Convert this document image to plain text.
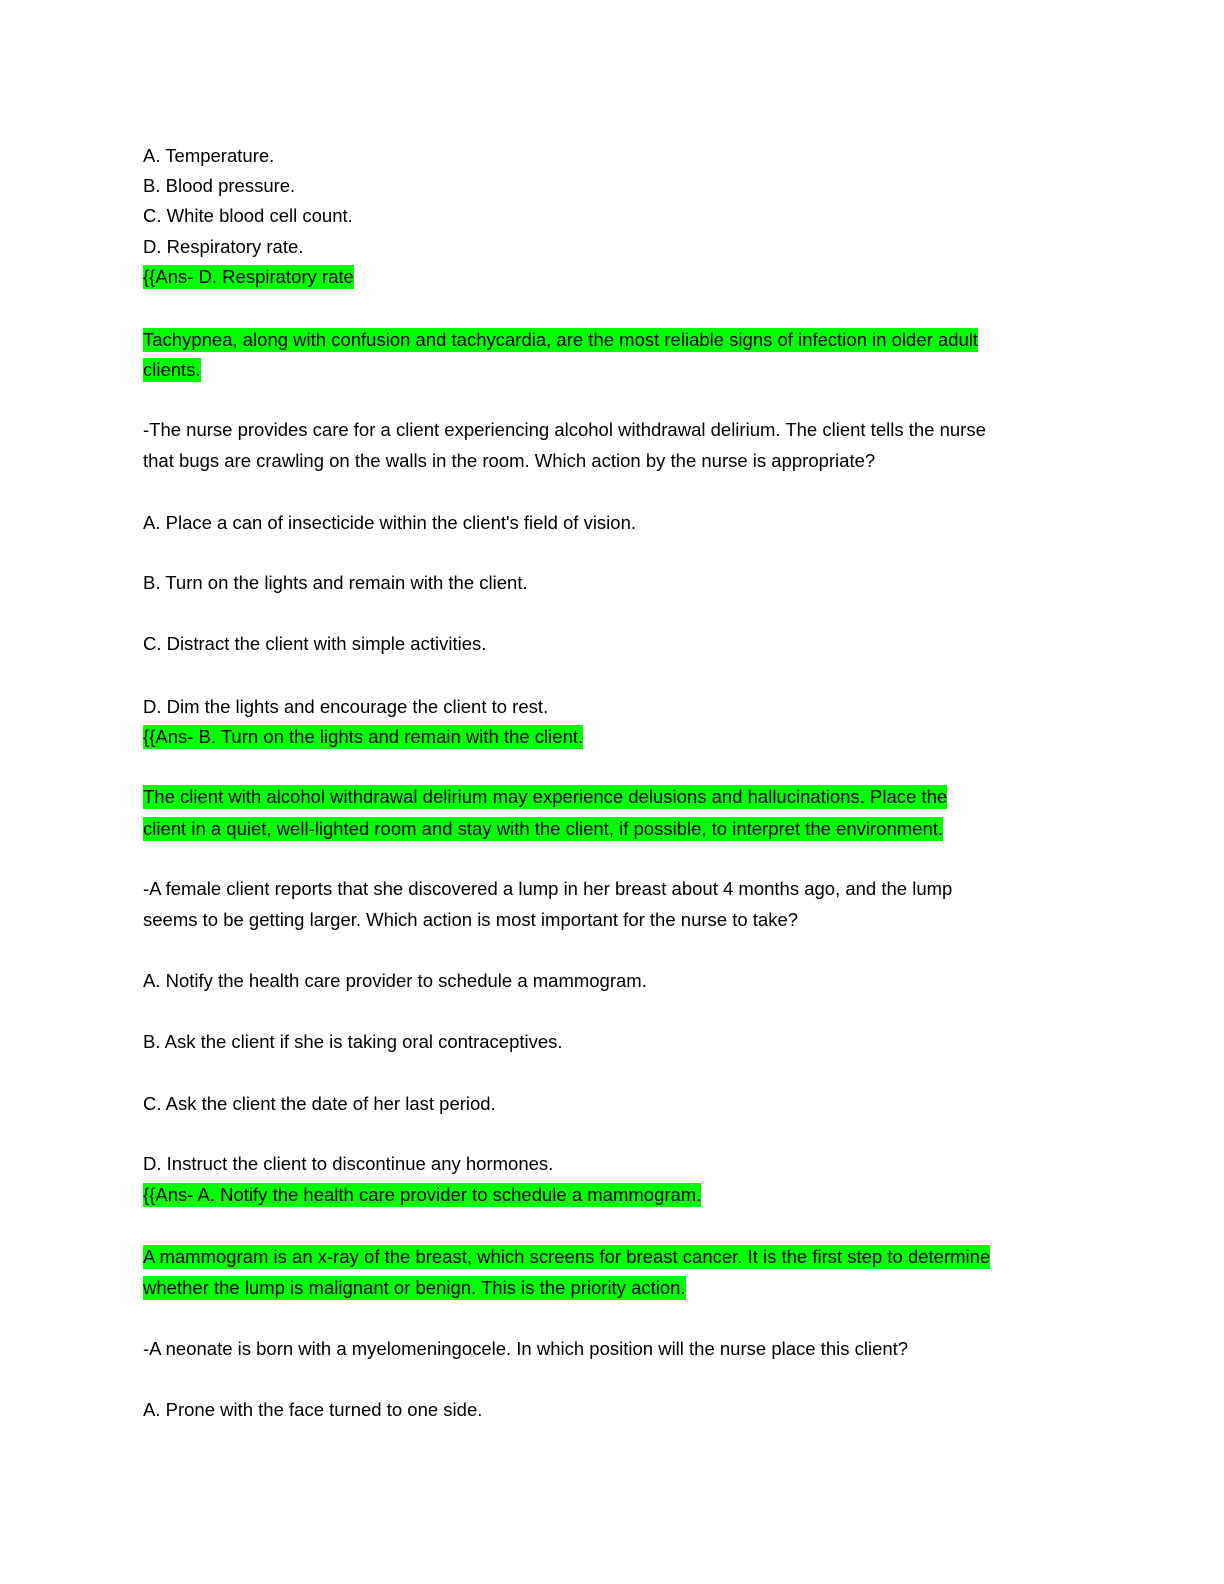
A. Temperature.
B. Blood pressure.
C. White blood cell count.
D. Respiratory rate.
{{Ans- D. Respiratory rate
Tachypnea, along with confusion and tachycardia, are the most reliable signs of infection in older adult
clients.
-The nurse provides care for a client experiencing alcohol withdrawal delirium. The client tells the nurse
that bugs are crawling on the walls in the room. Which action by the nurse is appropriate?
A. Place a can of insecticide within the client's field of vision.
B. Turn on the lights and remain with the client.
C. Distract the client with simple activities.
D. Dim the lights and encourage the client to rest.
{{Ans- B. Turn on the lights and remain with the client.
The client with alcohol withdrawal delirium may experience delusions and hallucinations. Place the
client in a quiet, well-lighted room and stay with the client, if possible, to interpret the environment.
-A female client reports that she discovered a lump in her breast about 4 months ago, and the lump
seems to be getting larger. Which action is most important for the nurse to take?
A. Notify the health care provider to schedule a mammogram.
B. Ask the client if she is taking oral contraceptives.
C. Ask the client the date of her last period.
D. Instruct the client to discontinue any hormones.
{{Ans- A. Notify the health care provider to schedule a mammogram.
A mammogram is an x-ray of the breast, which screens for breast cancer. It is the first step to determine
whether the lump is malignant or benign. This is the priority action.
-A neonate is born with a myelomeningocele. In which position will the nurse place this client?
A. Prone with the face turned to one side.
